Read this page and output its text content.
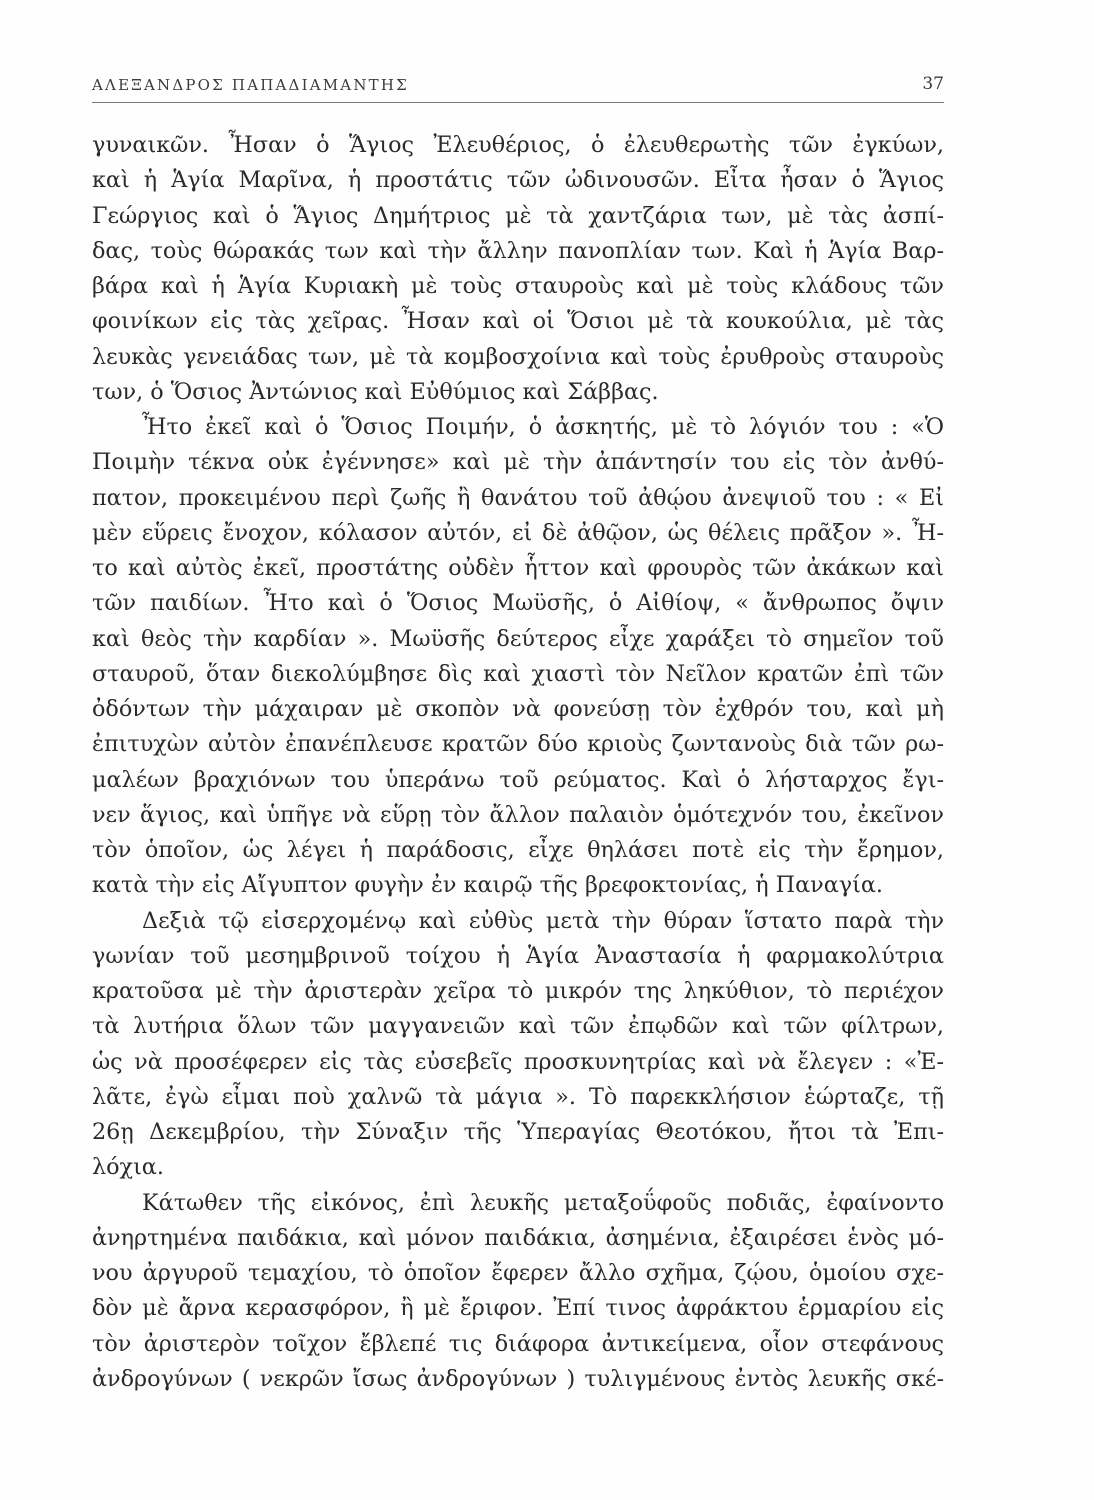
ΑΛΕΞΑΝΔΡΟΣ ΠΑΠΑΔΙΑΜΑΝΤΗΣ	37
γυναικῶν. Ἦσαν ὁ Ἅγιος Ἐλευθέριος, ὁ ἐλευθερωτὴς τῶν ἐγκύων,
καὶ ἡ Ἁγία Μαρῖνα, ἡ προστάτις τῶν ὠδινουσῶν. Εἶτα ἦσαν ὁ Ἅγιος
Γεώργιος καὶ ὁ Ἅγιος Δημήτριος μὲ τὰ χαντζάρια των, μὲ τὰς ἀσπί-
δας, τοὺς θώρακάς των καὶ τὴν ἄλλην πανοπλίαν των. Καὶ ἡ Ἁγία Βαρ-
βάρα καὶ ἡ Ἁγία Κυριακὴ μὲ τοὺς σταυροὺς καὶ μὲ τοὺς κλάδους τῶν
φοινίκων εἰς τὰς χεῖρας. Ἦσαν καὶ οἱ Ὅσιοι μὲ τὰ κουκούλια, μὲ τὰς
λευκὰς γενειάδας των, μὲ τὰ κομβοσχοίνια καὶ τοὺς ἐρυθροὺς σταυροὺς
των, ὁ Ὅσιος Ἀντώνιος καὶ Εὐθύμιος καὶ Σάββας.
Ἦτο ἐκεῖ καὶ ὁ Ὅσιος Ποιμήν, ὁ ἀσκητής, μὲ τὸ λόγιόν του : «Ὁ
Ποιμὴν τέκνα οὐκ ἐγέννησε» καὶ μὲ τὴν ἀπάντησίν του εἰς τὸν ἀνθύ-
πατον, προκειμένου περὶ ζωῆς ἢ θανάτου τοῦ ἀθῴου ἀνεψιοῦ του : « Εἰ
μὲν εὕρεις ἔνοχον, κόλασον αὐτόν, εἰ δὲ ἀθῷον, ὡς θέλεις πρᾶξον ». Ἦ-
το καὶ αὐτὸς ἐκεῖ, προστάτης οὐδὲν ἧττον καὶ φρουρὸς τῶν ἀκάκων καὶ
τῶν παιδίων. Ἦτο καὶ ὁ Ὅσιος Μωϋσῆς, ὁ Αἰθίοψ, « ἄνθρωπος ὄψιν
καὶ θεὸς τὴν καρδίαν ». Μωϋσῆς δεύτερος εἶχε χαράξει τὸ σημεῖον τοῦ
σταυροῦ, ὅταν διεκολύμβησε δὶς καὶ χιαστὶ τὸν Νεῖλον κρατῶν ἐπὶ τῶν
ὀδόντων τὴν μάχαιραν μὲ σκοπὸν νὰ φονεύσῃ τὸν ἐχθρόν του, καὶ μὴ
ἐπιτυχὼν αὐτὸν ἐπανέπλευσε κρατῶν δύο κριοὺς ζωντανοὺς διὰ τῶν ρω-
μαλέων βραχιόνων του ὑπεράνω τοῦ ρεύματος. Καὶ ὁ λήσταρχος ἔγι-
νεν ἅγιος, καὶ ὑπῆγε νὰ εὕρῃ τὸν ἄλλον παλαιὸν ὁμότεχνόν του, ἐκεῖνον
τὸν ὁποῖον, ὡς λέγει ἡ παράδοσις, εἶχε θηλάσει ποτὲ εἰς τὴν ἔρημον,
κατὰ τὴν εἰς Αἴγυπτον φυγὴν ἐν καιρῷ τῆς βρεφοκτονίας, ἡ Παναγία.
Δεξιὰ τῷ εἰσερχομένῳ καὶ εὐθὺς μετὰ τὴν θύραν ἵστατο παρὰ τὴν
γωνίαν τοῦ μεσημβρινοῦ τοίχου ἡ Ἁγία Ἀναστασία ἡ φαρμακολύτρια
κρατοῦσα μὲ τὴν ἀριστερὰν χεῖρα τὸ μικρόν της ληκύθιον, τὸ περιέχον
τὰ λυτήρια ὅλων τῶν μαγγανειῶν καὶ τῶν ἐπῳδῶν καὶ τῶν φίλτρων,
ὡς νὰ προσέφερεν εἰς τὰς εὐσεβεῖς προσκυνητρίας καὶ νὰ ἔλεγεν : «Ἐ-
λᾶτε, ἐγὼ εἶμαι ποὺ χαλνῶ τὰ μάγια ». Τὸ παρεκκλήσιον ἑώρταζε, τῇ
26ῃ Δεκεμβρίου, τὴν Σύναξιν τῆς Ὑπεραγίας Θεοτόκου, ἤτοι τὰ Ἐπι-
λόχια.
Κάτωθεν τῆς εἰκόνος, ἐπὶ λευκῆς μεταξοΰφοῦς ποδιᾶς, ἐφαίνοντο
ἀνηρτημένα παιδάκια, καὶ μόνον παιδάκια, ἀσημένια, ἐξαιρέσει ἑνὸς μό-
νου ἀργυροῦ τεμαχίου, τὸ ὁποῖον ἔφερεν ἄλλο σχῆμα, ζῴου, ὁμοίου σχε-
δὸν μὲ ἄρνα κερασφόρον, ἢ μὲ ἔριφον. Ἐπί τινος ἀφράκτου ἑρμαρίου εἰς
τὸν ἀριστερὸν τοῖχον ἔβλεπέ τις διάφορα ἀντικείμενα, οἷον στεφάνους
ἀνδρογύνων ( νεκρῶν ἴσως ἀνδρογύνων ) τυλιγμένους ἐντὸς λευκῆς σκέ-
